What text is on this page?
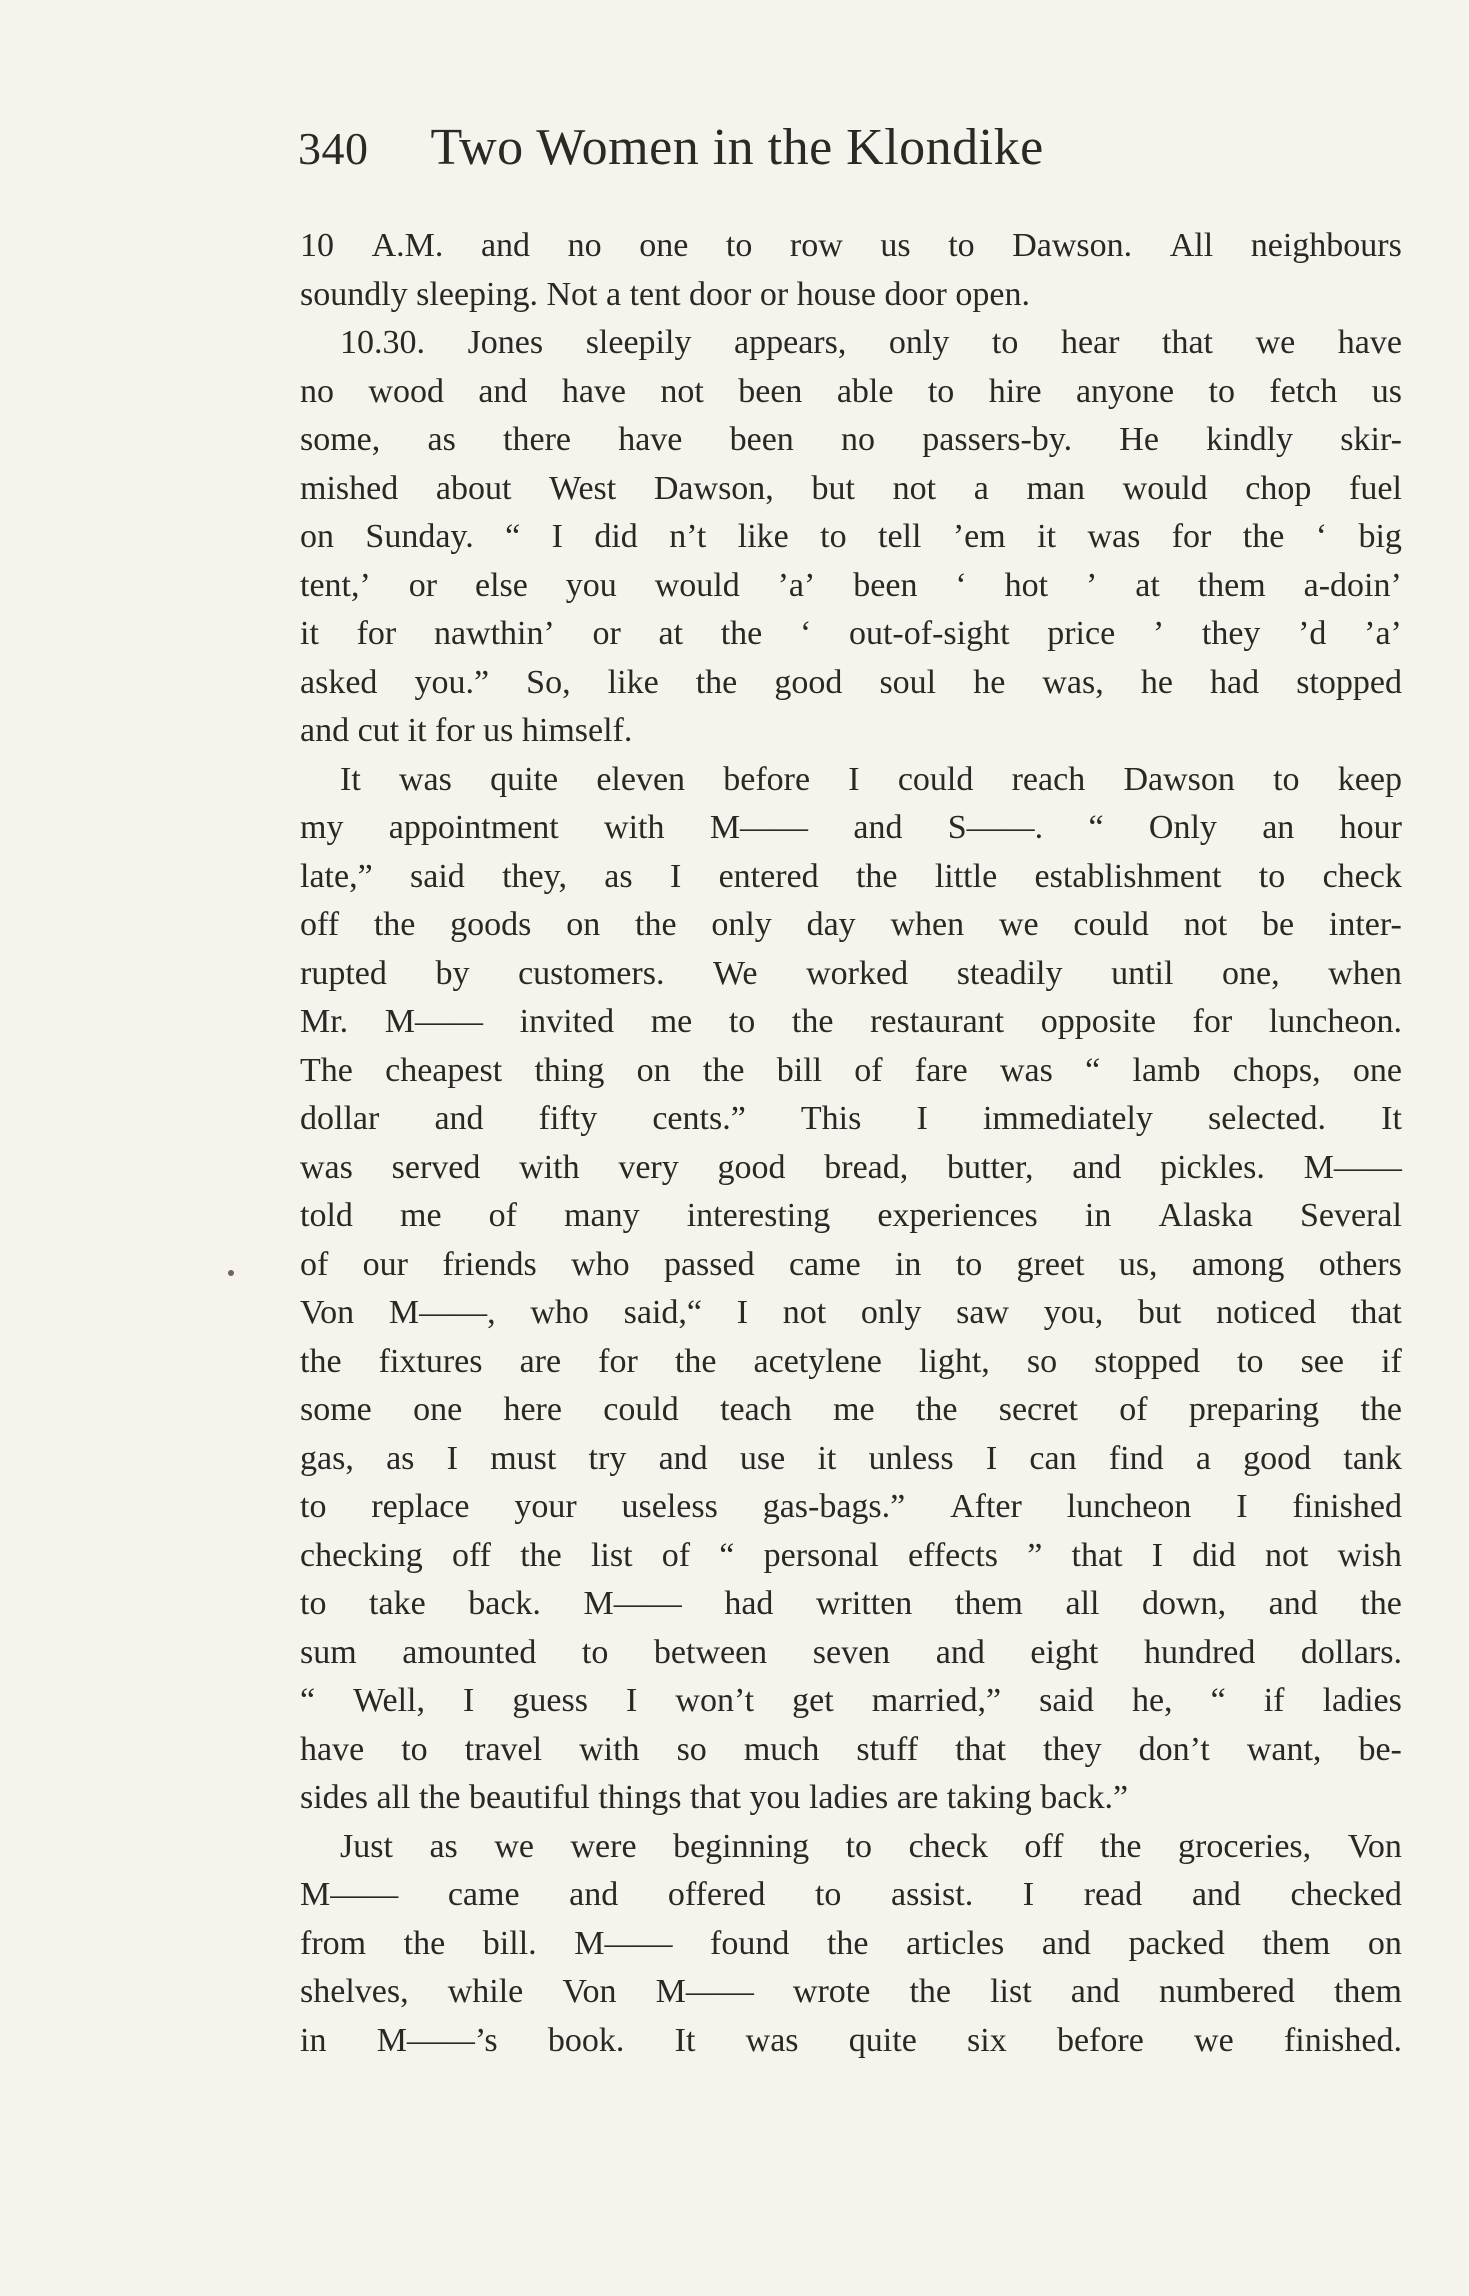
340 Two Women in the Klondike
10 A.M. and no one to row us to Dawson. All neighbours
soundly sleeping. Not a tent door or house door open.
10.30. Jones sleepily appears, only to hear that we have
no wood and have not been able to hire anyone to fetch us
some, as there have been no passers-by. He kindly skir-
mished about West Dawson, but not a man would chop fuel
on Sunday. “ I did n’t like to tell ’em it was for the ‘ big
tent,’ or else you would ’a’ been ‘ hot ’ at them a-doin’
it for nawthin’ or at the ‘ out-of-sight price ’ they ’d ’a’
asked you.” So, like the good soul he was, he had stopped
and cut it for us himself.
It was quite eleven before I could reach Dawson to keep
my appointment with M—— and S——. “ Only an hour
late,” said they, as I entered the little establishment to check
off the goods on the only day when we could not be inter-
rupted by customers. We worked steadily until one, when
Mr. M—— invited me to the restaurant opposite for luncheon.
The cheapest thing on the bill of fare was “ lamb chops, one
dollar and fifty cents.” This I immediately selected. It
was served with very good bread, butter, and pickles. M——
told me of many interesting experiences in Alaska Several
of our friends who passed came in to greet us, among others
Von M——, who said,“ I not only saw you, but noticed that
the fixtures are for the acetylene light, so stopped to see if
some one here could teach me the secret of preparing the
gas, as I must try and use it unless I can find a good tank
to replace your useless gas-bags.” After luncheon I finished
checking off the list of “ personal effects ” that I did not wish
to take back. M—— had written them all down, and the
sum amounted to between seven and eight hundred dollars.
“ Well, I guess I won’t get married,” said he, “ if ladies
have to travel with so much stuff that they don’t want, be-
sides all the beautiful things that you ladies are taking back.”
Just as we were beginning to check off the groceries, Von
M—— came and offered to assist. I read and checked
from the bill. M—— found the articles and packed them on
shelves, while Von M—— wrote the list and numbered them
in M——’s book. It was quite six before we finished.
